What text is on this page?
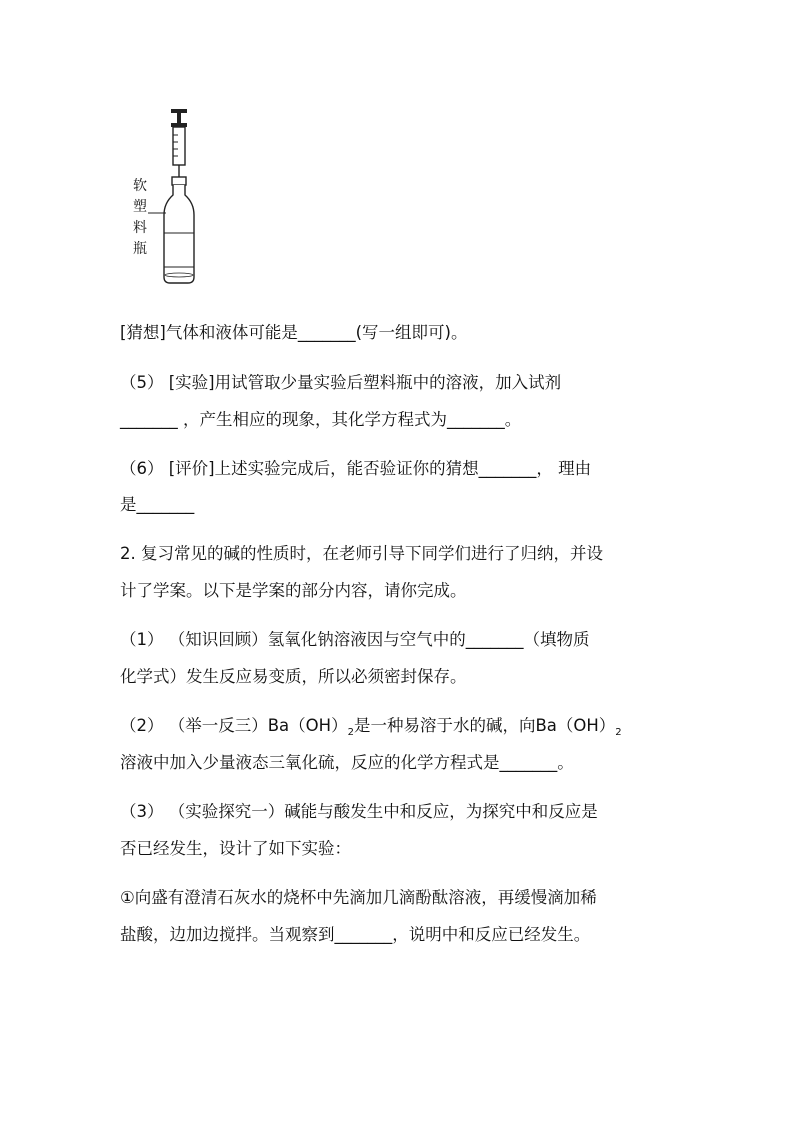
软塑料瓶
[猜想]气体和液体可能是_______(写一组即可)。
（5） [实验]用试管取少量实验后塑料瓶中的溶液，加入试剂
_______ ，产生相应的现象，其化学方程式为_______。
（6） [评价]上述实验完成后，能否验证你的猜想_______， 理由
是_______
2. 复习常见的碱的性质时，在老师引导下同学们进行了归纳，并设
计了学案。以下是学案的部分内容，请你完成。
（1） （知识回顾）氢氧化钠溶液因与空气中的_______（填物质
化学式）发生反应易变质，所以必须密封保存。
（2） （举一反三）$Ba(OH)_2$是一种易溶于水的碱，向$Ba(OH)_2$
溶液中加入少量液态三氧化硫，反应的化学方程式是_______。
（3） （实验探究一）碱能与酸发生中和反应，为探究中和反应是
否已经发生，设计了如下实验：
①向盛有澄清石灰水的烧杯中先滴加几滴酚酞溶液，再缓慢滴加稀
盐酸，边加边搅拌。当观察到_______，说明中和反应已经发生。
